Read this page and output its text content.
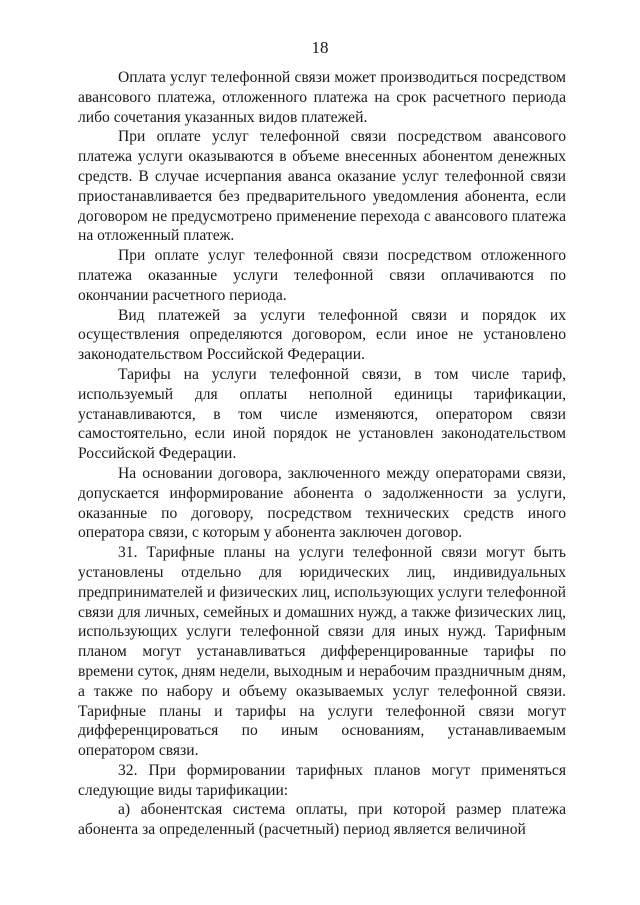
18

Оплата услуг телефонной связи может производиться посредством авансового платежа, отложенного платежа на срок расчетного периода либо сочетания указанных видов платежей.

При оплате услуг телефонной связи посредством авансового платежа услуги оказываются в объеме внесенных абонентом денежных средств. В случае исчерпания аванса оказание услуг телефонной связи приостанавливается без предварительного уведомления абонента, если договором не предусмотрено применение перехода с авансового платежа на отложенный платеж.

При оплате услуг телефонной связи посредством отложенного платежа оказанные услуги телефонной связи оплачиваются по окончании расчетного периода.

Вид платежей за услуги телефонной связи и порядок их осуществления определяются договором, если иное не установлено законодательством Российской Федерации.

Тарифы на услуги телефонной связи, в том числе тариф, используемый для оплаты неполной единицы тарификации, устанавливаются, в том числе изменяются, оператором связи самостоятельно, если иной порядок не установлен законодательством Российской Федерации.

На основании договора, заключенного между операторами связи, допускается информирование абонента о задолженности за услуги, оказанные по договору, посредством технических средств иного оператора связи, с которым у абонента заключен договор.

31. Тарифные планы на услуги телефонной связи могут быть установлены отдельно для юридических лиц, индивидуальных предпринимателей и физических лиц, использующих услуги телефонной связи для личных, семейных и домашних нужд, а также физических лиц, использующих услуги телефонной связи для иных нужд. Тарифным планом могут устанавливаться дифференцированные тарифы по времени суток, дням недели, выходным и нерабочим праздничным дням, а также по набору и объему оказываемых услуг телефонной связи. Тарифные планы и тарифы на услуги телефонной связи могут дифференцироваться по иным основаниям, устанавливаемым оператором связи.

32. При формировании тарифных планов могут применяться следующие виды тарификации:

а) абонентская система оплаты, при которой размер платежа абонента за определенный (расчетный) период является величиной
